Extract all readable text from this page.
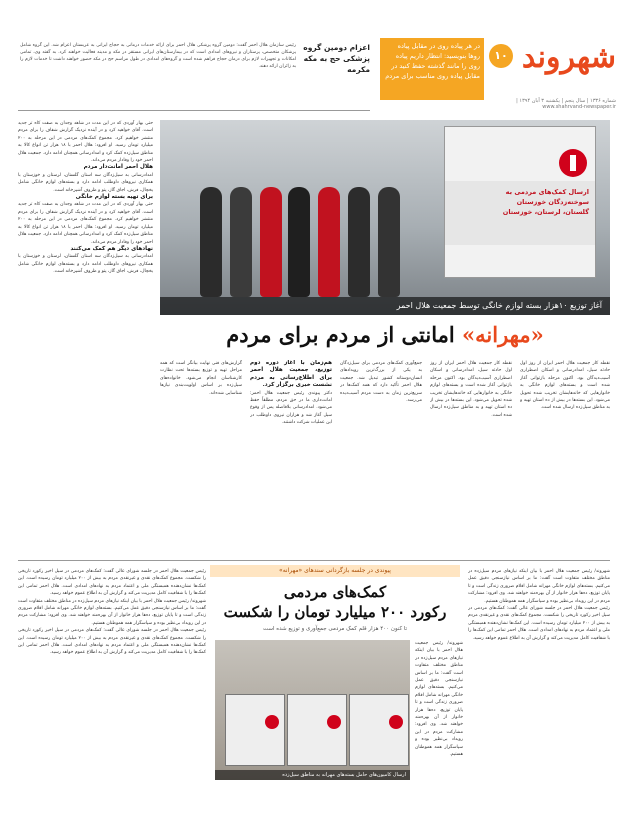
شهروند
۱۰
در هر پیاده روی در مقابل پیاده روها بنویسید: انتظار داریم پیاده روی را مانند گذشته حفظ کنید در مقابل پیاده روی مناسب برای مردم
شماره ۱۳۳۶ | سال پنجم | یکشنبه ۳ آبان ۱۳۹۴ | www.shahrvand-newspaper.ir
اعزام دومین گروه پزشکی حج به مکه مکرمه
رئیس سازمان هلال احمر گفت: دومین گروه پزشکی هلال احمر برای ارائه خدمات درمانی به حجاج ایرانی به عربستان اعزام شد. این گروه شامل پزشکان متخصص، پرستاران و نیروهای امدادی است که در بیمارستان‌های ایرانی مستقر در مکه و مدینه فعالیت خواهند کرد. به گفته وی، تمامی امکانات و تجهیزات لازم برای درمان حجاج فراهم شده است و گروه‌های امدادی در طول مراسم حج در مکه حضور خواهند داشت تا خدمات لازم را به زائران ارائه دهند.
ارسال کمک‌های مردمی به سوخته‌زدگان خوزستان
گلستان، لرستان، خوزستان
آغاز توزیع ۱۰هزار بسته لوازم خانگی توسط جمعیت هلال احمر
حتی بهار آوردی که در این مدت در شاهد وجدان به صفت کاه تر جدید است. آقای خواهید کرد و در آینده نزدیک گزارش شفاف را برای مردم منتشر خواهیم کرد. مجموع کمک‌های مردمی در این مرحله به ۲۰۰ میلیارد تومان رسید. او افزود: هلال احمر با ۱۸ هزار تن انواع کالا به مناطق سیل‌زده کمک کرد و امدادرسانی همچنان ادامه دارد. جمعیت هلال احمر خود را وفادار مردم می‌داند.
هلال احمر امانت‌دار مردم
امدادرسانی به سیل‌زدگان سه استان گلستان، لرستان و خوزستان با همکاری نیروهای داوطلب ادامه دارد و بسته‌های لوازم خانگی شامل یخچال، فرش، اجاق گاز، پتو و ظروف آشپزخانه است.
برای تهیه بسته لوازم خانگی
حتی بهار آوردی که در این مدت در شاهد وجدان به صفت کاه تر جدید است. آقای خواهید کرد و در آینده نزدیک گزارش شفاف را برای مردم منتشر خواهیم کرد. مجموع کمک‌های مردمی در این مرحله به ۲۰۰ میلیارد تومان رسید. او افزود: هلال احمر با ۱۸ هزار تن انواع کالا به مناطق سیل‌زده کمک کرد و امدادرسانی همچنان ادامه دارد. جمعیت هلال احمر خود را وفادار مردم می‌داند.
نهادهای دیگر هم کمک می‌کنند
امدادرسانی به سیل‌زدگان سه استان گلستان، لرستان و خوزستان با همکاری نیروهای داوطلب ادامه دارد و بسته‌های لوازم خانگی شامل یخچال، فرش، اجاق گاز، پتو و ظروف آشپزخانه است.
«مهرانه» امانتی از مردم برای مردم
گزارش‌های فنی نهایت بیانگر است که همه مراحل تهیه و توزیع بسته‌ها تحت نظارت کارشناسان انجام می‌شود. خانواده‌های سیل‌زده بر اساس اولویت‌بندی نیازها شناسایی شده‌اند.
هم‌زمان با آغاز دوره دوم توزیع، جمعیت هلال احمر برای اطلاع‌رسانی به مردم نشست خبری برگزار کرد.
دکتر پیوندی رئیس جمعیت هلال احمر: امانت‌داری ما در حق مردم، مطلقاً حفظ می‌شود. امدادرسانی بلافاصله پس از وقوع سیل آغاز شد و هزاران نیروی داوطلب در این عملیات شرکت داشتند.
جمع‌آوری کمک‌های مردمی برای سیل‌زدگان به یکی از بزرگ‌ترین رویدادهای انسان‌دوستانه کشور تبدیل شد. جمعیت هلال احمر تأکید دارد که همه کمک‌ها در سریع‌ترین زمان به دست مردم آسیب‌دیده می‌رسد.
نقطه کار جمعیت هلال احمر ایران از روز اول حادثه سیل، امدادرسانی و اسکان اضطراری آسیب‌دیدگان بود. اکنون مرحله بازتوانی آغاز شده است و بسته‌های لوازم خانگی به خانوارهایی که خانه‌هایشان تخریب شده تحویل می‌شود. این بسته‌ها در بیش از ده استان تهیه و به مناطق سیل‌زده ارسال شده است.
نقطه کار جمعیت هلال احمر ایران از روز اول حادثه سیل، امدادرسانی و اسکان اضطراری آسیب‌دیدگان بود. اکنون مرحله بازتوانی آغاز شده است و بسته‌های لوازم خانگی به خانوارهایی که خانه‌هایشان تخریب شده تحویل می‌شود. این بسته‌ها در بیش از ده استان تهیه و به مناطق سیل‌زده ارسال شده است.
پیوندی در جلسه بازگردانی سند‌های «مهرانه»
کمک‌های مردمی
رکورد ۲۰۰ میلیارد تومان را شکست
تا کنون ۴۰۰ هزار قلم کمک مردمی جمع‌آوری و توزیع شده است
رئیس جمعیت هلال احمر در جلسه شورای عالی گفت: کمک‌های مردمی در سیل اخیر رکورد تاریخی را شکست. مجموع کمک‌های نقدی و غیرنقدی مردم به بیش از ۲۰۰ میلیارد تومان رسیده است. این کمک‌ها نشان‌دهنده همبستگی ملی و اعتماد مردم به نهادهای امدادی است. هلال احمر تمامی این کمک‌ها را با شفافیت کامل مدیریت می‌کند و گزارش آن به اطلاع عموم خواهد رسید.
شهروند/ رئیس جمعیت هلال احمر با بیان اینکه نیازهای مردم سیل‌زده در مناطق مختلف متفاوت است گفت: ما بر اساس نیازسنجی دقیق عمل می‌کنیم. بسته‌های لوازم خانگی مهرانه شامل اقلام ضروری زندگی است و تا پایان توزیع، ده‌ها هزار خانوار از آن بهره‌مند خواهند شد. وی افزود: مشارکت مردم در این رویداد بی‌نظیر بوده و سپاسگزار همه هموطنان هستیم.
رئیس جمعیت هلال احمر در جلسه شورای عالی گفت: کمک‌های مردمی در سیل اخیر رکورد تاریخی را شکست. مجموع کمک‌های نقدی و غیرنقدی مردم به بیش از ۲۰۰ میلیارد تومان رسیده است. این کمک‌ها نشان‌دهنده همبستگی ملی و اعتماد مردم به نهادهای امدادی است. هلال احمر تمامی این کمک‌ها را با شفافیت کامل مدیریت می‌کند و گزارش آن به اطلاع عموم خواهد رسید.
شهروند/ رئیس جمعیت هلال احمر با بیان اینکه نیازهای مردم سیل‌زده در مناطق مختلف متفاوت است گفت: ما بر اساس نیازسنجی دقیق عمل می‌کنیم. بسته‌های لوازم خانگی مهرانه شامل اقلام ضروری زندگی است و تا پایان توزیع، ده‌ها هزار خانوار از آن بهره‌مند خواهند شد. وی افزود: مشارکت مردم در این رویداد بی‌نظیر بوده و سپاسگزار همه هموطنان هستیم.
رئیس جمعیت هلال احمر در جلسه شورای عالی گفت: کمک‌های مردمی در سیل اخیر رکورد تاریخی را شکست. مجموع کمک‌های نقدی و غیرنقدی مردم به بیش از ۲۰۰ میلیارد تومان رسیده است. این کمک‌ها نشان‌دهنده همبستگی ملی و اعتماد مردم به نهادهای امدادی است. هلال احمر تمامی این کمک‌ها را با شفافیت کامل مدیریت می‌کند و گزارش آن به اطلاع عموم خواهد رسید.
شهروند/ رئیس جمعیت هلال احمر با بیان اینکه نیازهای مردم سیل‌زده در مناطق مختلف متفاوت است گفت: ما بر اساس نیازسنجی دقیق عمل می‌کنیم. بسته‌های لوازم خانگی مهرانه شامل اقلام ضروری زندگی است و تا پایان توزیع، ده‌ها هزار خانوار از آن بهره‌مند خواهند شد. وی افزود: مشارکت مردم در این رویداد بی‌نظیر بوده و سپاسگزار همه هموطنان هستیم.
ارسال کامیون‌های حامل بسته‌های مهرانه به مناطق سیل‌زده
